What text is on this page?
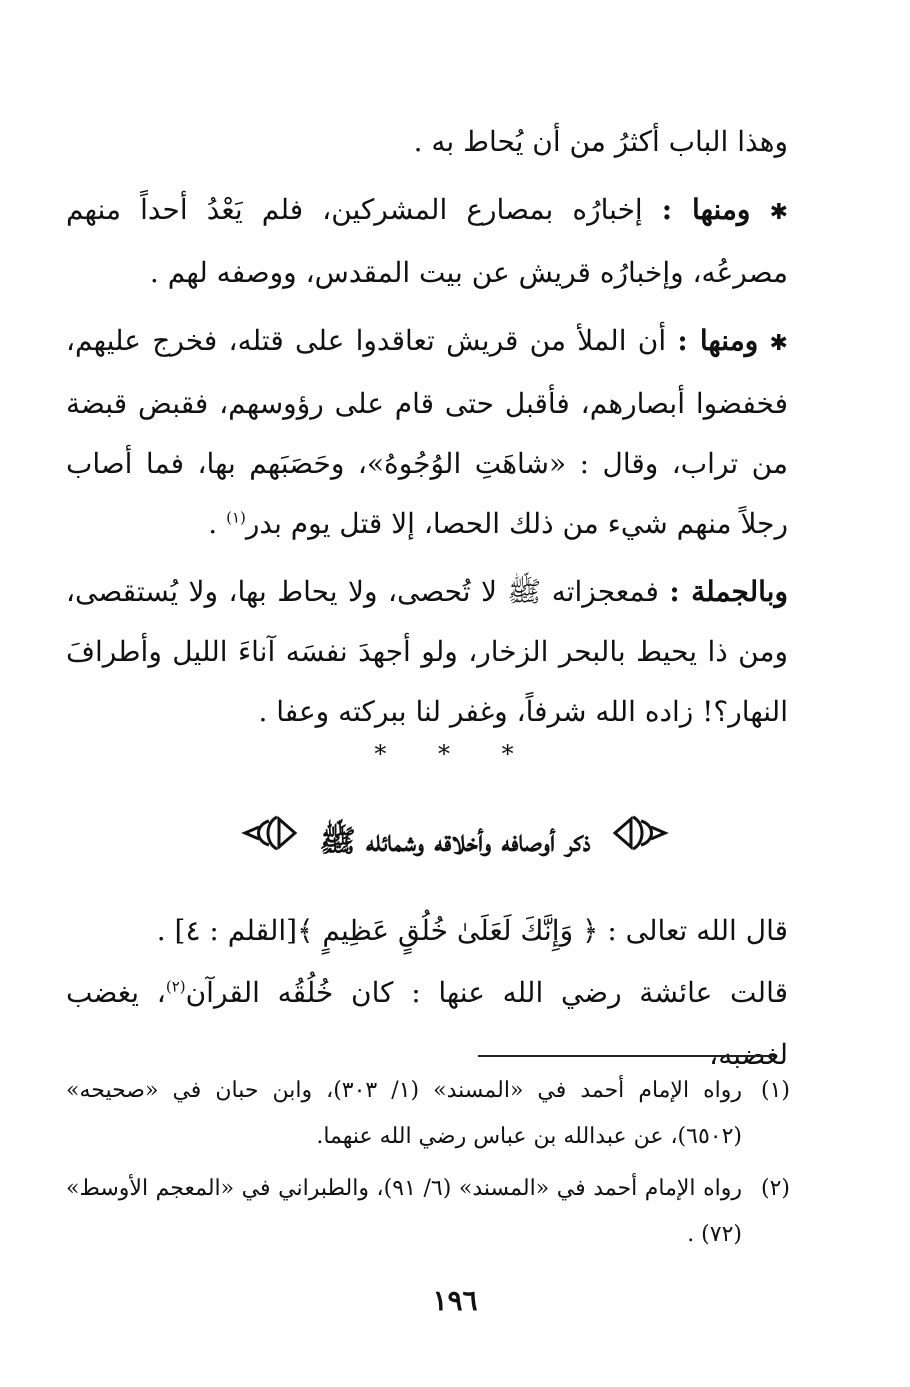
وهذا الباب أكثرُ من أن يُحاط به .

✱ ومنها : إخبارُه بمصارع المشركين، فلم يَعْدُ أحداً منهم مصرعُه، وإخبارُه قريش عن بيت المقدس، ووصفه لهم .

✱ ومنها : أن الملأ من قريش تعاقدوا على قتله، فخرج عليهم، فخفضوا أبصارهم، فأقبل حتى قام على رؤوسهم، فقبض قبضة من تراب، وقال : «شاهَتِ الوُجُوهُ»، وحَصَبَهم بها، فما أصاب رجلاً منهم شيء من ذلك الحصا، إلا قتل يوم بدر$^{(١)}$ .

وبالجملة : فمعجزاته ﷺ لا تُحصى، ولا يحاط بها، ولا يُستقصى، ومن ذا يحيط بالبحر الزخار، ولو أجهدَ نفسَه آناءَ الليل وأطرافَ النهار؟! زاده الله شرفاً، وغفر لنا ببركته وعفا .

* * *
ذكر أوصافه وأخلاقه وشمائله ﷺ

قال الله تعالى : ﴿ وَإِنَّكَ لَعَلَىٰ خُلُقٍ عَظِيمٍ ﴾[القلم : ٤] .

قالت عائشة رضي الله عنها : كان خُلُقُه القرآن$^{(٢)}$، يغضب لغضبه،

(١)
رواه الإمام أحمد في «المسند» (١/ ٣٠٣)، وابن حبان في «صحيحه» (٦٥٠٢)، عن عبدالله بن عباس رضي الله عنهما.

(٢)
رواه الإمام أحمد في «المسند» (٦/ ٩١)، والطبراني في «المعجم الأوسط» (٧٢) .

١٩٦
